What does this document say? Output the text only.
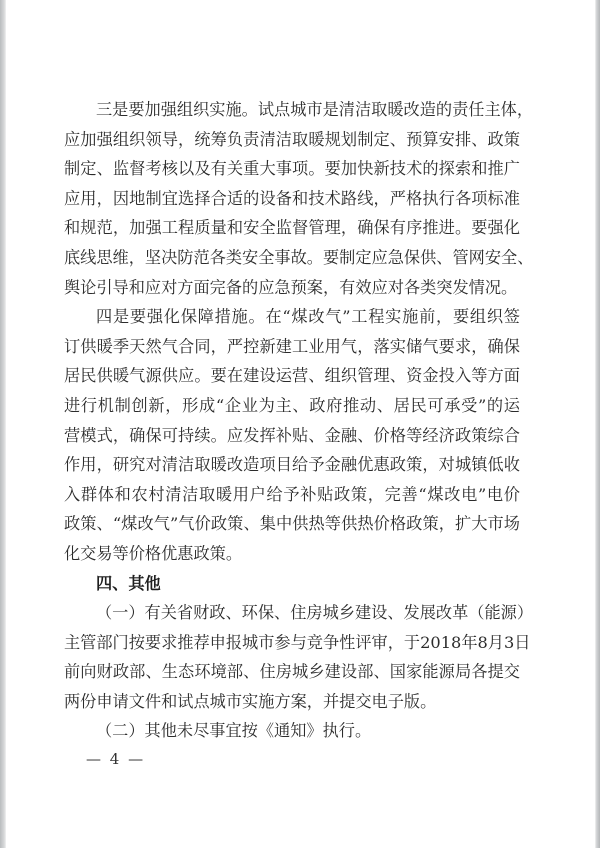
三是要加强组织实施。试点城市是清洁取暖改造的责任主体，
应加强组织领导，统筹负责清洁取暖规划制定、预算安排、政策
制定、监督考核以及有关重大事项。要加快新技术的探索和推广
应用，因地制宜选择合适的设备和技术路线，严格执行各项标准
和规范，加强工程质量和安全监督管理，确保有序推进。要强化
底线思维，坚决防范各类安全事故。要制定应急保供、管网安全、
舆论引导和应对方面完备的应急预案，有效应对各类突发情况。
四是要强化保障措施。在“煤改气”工程实施前，要组织签
订供暖季天然气合同，严控新建工业用气，落实储气要求，确保
居民供暖气源供应。要在建设运营、组织管理、资金投入等方面
进行机制创新，形成“企业为主、政府推动、居民可承受”的运
营模式，确保可持续。应发挥补贴、金融、价格等经济政策综合
作用，研究对清洁取暖改造项目给予金融优惠政策，对城镇低收
入群体和农村清洁取暖用户给予补贴政策，完善“煤改电”电价
政策、“煤改气”气价政策、集中供热等供热价格政策，扩大市场
化交易等价格优惠政策。
四、其他
（一）有关省财政、环保、住房城乡建设、发展改革（能源）
主管部门按要求推荐申报城市参与竞争性评审，于2018年8月3日
前向财政部、生态环境部、住房城乡建设部、国家能源局各提交
两份申请文件和试点城市实施方案，并提交电子版。
（二）其他未尽事宜按《通知》执行。
— 4 —
